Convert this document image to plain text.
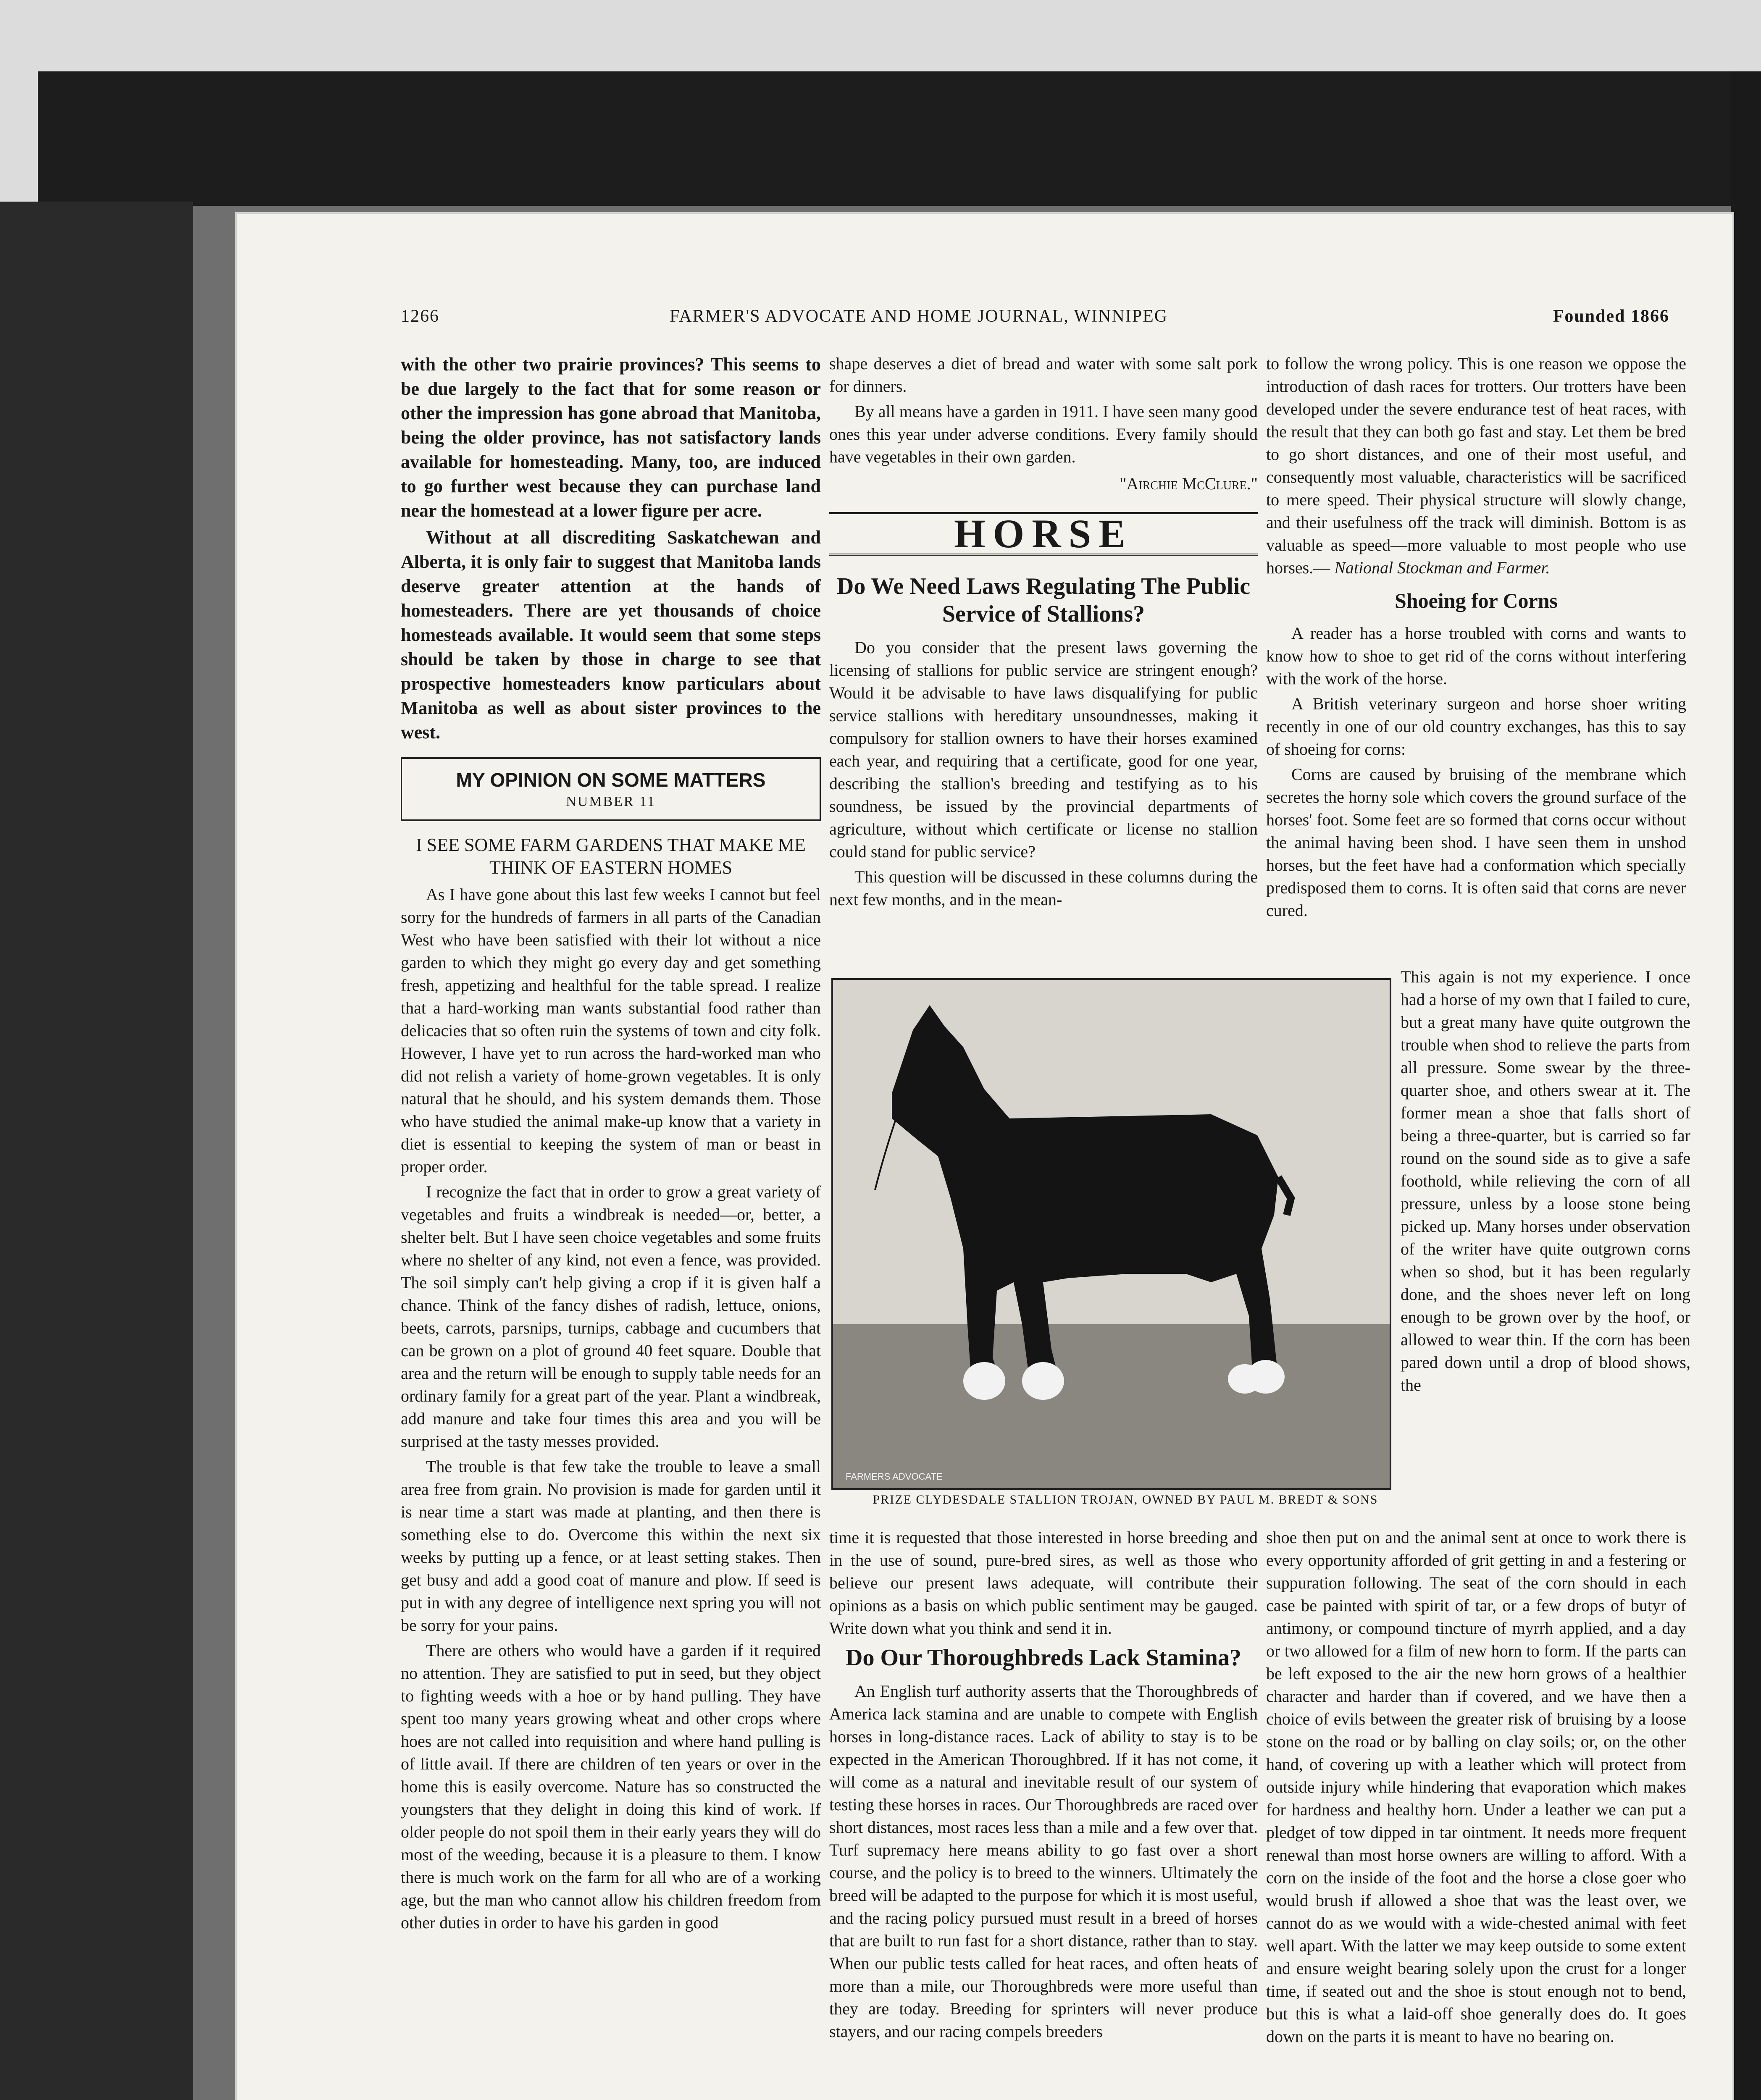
1266	FARMER'S ADVOCATE AND HOME JOURNAL, WINNIPEG	Founded 1866

with the other two prairie provinces? This seems to be due largely to the fact that for some reason or other the impression has gone abroad that Manitoba, being the older province, has not satisfactory lands available for homesteading. Many, too, are induced to go further west because they can purchase land near the homestead at a lower figure per acre.

Without at all discrediting Saskatchewan and Alberta, it is only fair to suggest that Manitoba lands deserve greater attention at the hands of homesteaders. There are yet thousands of choice homesteads available. It would seem that some steps should be taken by those in charge to see that prospective homesteaders know particulars about Manitoba as well as about sister provinces to the west.

MY OPINION ON SOME MATTERS
NUMBER 11
I SEE SOME FARM GARDENS THAT MAKE ME THINK OF EASTERN HOMES

As I have gone about this last few weeks I cannot but feel sorry for the hundreds of farmers in all parts of the Canadian West who have been satisfied with their lot without a nice garden to which they might go every day and get something fresh, appetizing and healthful for the table spread. I realize that a hard-working man wants substantial food rather than delicacies that so often ruin the systems of town and city folk. However, I have yet to run across the hard-worked man who did not relish a variety of home-grown vegetables. It is only natural that he should, and his system demands them. Those who have studied the animal make-up know that a variety in diet is essential to keeping the system of man or beast in proper order.

I recognize the fact that in order to grow a great variety of vegetables and fruits a windbreak is needed—or, better, a shelter belt. But I have seen choice vegetables and some fruits where no shelter of any kind, not even a fence, was provided. The soil simply can't help giving a crop if it is given half a chance. Think of the fancy dishes of radish, lettuce, onions, beets, carrots, parsnips, turnips, cabbage and cucumbers that can be grown on a plot of ground 40 feet square. Double that area and the return will be enough to supply table needs for an ordinary family for a great part of the year. Plant a windbreak, add manure and take four times this area and you will be surprised at the tasty messes provided.

The trouble is that few take the trouble to leave a small area free from grain. No provision is made for garden until it is near time a start was made at planting, and then there is something else to do. Overcome this within the next six weeks by putting up a fence, or at least setting stakes. Then get busy and add a good coat of manure and plow. If seed is put in with any degree of intelligence next spring you will not be sorry for your pains.

There are others who would have a garden if it required no attention. They are satisfied to put in seed, but they object to fighting weeds with a hoe or by hand pulling. They have spent too many years growing wheat and other crops where hoes are not called into requisition and where hand pulling is of little avail. If there are children of ten years or over in the home this is easily overcome. Nature has so constructed the youngsters that they delight in doing this kind of work. If older people do not spoil them in their early years they will do most of the weeding, because it is a pleasure to them. I know there is much work on the farm for all who are of a working age, but the man who cannot allow his children freedom from other duties in order to have his garden in good

shape deserves a diet of bread and water with some salt pork for dinners.

By all means have a garden in 1911. I have seen many good ones this year under adverse conditions. Every family should have vegetables in their own garden.

"Airchie McClure."
HORSE
Do We Need Laws Regulating The Public Service of Stallions?

Do you consider that the present laws governing the licensing of stallions for public service are stringent enough? Would it be advisable to have laws disqualifying for public service stallions with hereditary unsoundnesses, making it compulsory for stallion owners to have their horses examined each year, and requiring that a certificate, good for one year, describing the stallion's breeding and testifying as to his soundness, be issued by the provincial departments of agriculture, without which certificate or license no stallion could stand for public service?

This question will be discussed in these columns during the next few months, and in the mean-

to follow the wrong policy. This is one reason we oppose the introduction of dash races for trotters. Our trotters have been developed under the severe endurance test of heat races, with the result that they can both go fast and stay. Let them be bred to go short distances, and one of their most useful, and consequently most valuable, characteristics will be sacrificed to mere speed. Their physical structure will slowly change, and their usefulness off the track will diminish. Bottom is as valuable as speed—more valuable to most people who use horses.— National Stockman and Farmer.

Shoeing for Corns

A reader has a horse troubled with corns and wants to know how to shoe to get rid of the corns without interfering with the work of the horse.

A British veterinary surgeon and horse shoer writing recently in one of our old country exchanges, has this to say of shoeing for corns:

Corns are caused by bruising of the membrane which secretes the horny sole which covers the ground surface of the horses' foot. Some feet are so formed that corns occur without the animal having been shod. I have seen them in unshod horses, but the feet have had a conformation which specially predisposed them to corns. It is often said that corns are never cured.

FARMERS ADVOCATE
PRIZE CLYDESDALE STALLION TROJAN, OWNED BY PAUL M. BREDT & SONS

This again is not my experience. I once had a horse of my own that I failed to cure, but a great many have quite outgrown the trouble when shod to relieve the parts from all pressure. Some swear by the three-quarter shoe, and others swear at it. The former mean a shoe that falls short of being a three-quarter, but is carried so far round on the sound side as to give a safe foothold, while relieving the corn of all pressure, unless by a loose stone being picked up. Many horses under observation of the writer have quite outgrown corns when so shod, but it has been regularly done, and the shoes never left on long enough to be grown over by the hoof, or allowed to wear thin. If the corn has been pared down until a drop of blood shows, the

time it is requested that those interested in horse breeding and in the use of sound, pure-bred sires, as well as those who believe our present laws adequate, will contribute their opinions as a basis on which public sentiment may be gauged. Write down what you think and send it in.

Do Our Thoroughbreds Lack Stamina?

An English turf authority asserts that the Thoroughbreds of America lack stamina and are unable to compete with English horses in long-distance races. Lack of ability to stay is to be expected in the American Thoroughbred. If it has not come, it will come as a natural and inevitable result of our system of testing these horses in races. Our Thoroughbreds are raced over short distances, most races less than a mile and a few over that. Turf supremacy here means ability to go fast over a short course, and the policy is to breed to the winners. Ultimately the breed will be adapted to the purpose for which it is most useful, and the racing policy pursued must result in a breed of horses that are built to run fast for a short distance, rather than to stay. When our public tests called for heat races, and often heats of more than a mile, our Thoroughbreds were more useful than they are today. Breeding for sprinters will never produce stayers, and our racing compels breeders

shoe then put on and the animal sent at once to work there is every opportunity afforded of grit getting in and a festering or suppuration following. The seat of the corn should in each case be painted with spirit of tar, or a few drops of butyr of antimony, or compound tincture of myrrh applied, and a day or two allowed for a film of new horn to form. If the parts can be left exposed to the air the new horn grows of a healthier character and harder than if covered, and we have then a choice of evils between the greater risk of bruising by a loose stone on the road or by balling on clay soils; or, on the other hand, of covering up with a leather which will protect from outside injury while hindering that evaporation which makes for hardness and healthy horn. Under a leather we can put a pledget of tow dipped in tar ointment. It needs more frequent renewal than most horse owners are willing to afford. With a corn on the inside of the foot and the horse a close goer who would brush if allowed a shoe that was the least over, we cannot do as we would with a wide-chested animal with feet well apart. With the latter we may keep outside to some extent and ensure weight bearing solely upon the crust for a longer time, if seated out and the shoe is stout enough not to bend, but this is what a laid-off shoe generally does do. It goes down on the parts it is meant to have no bearing on.
